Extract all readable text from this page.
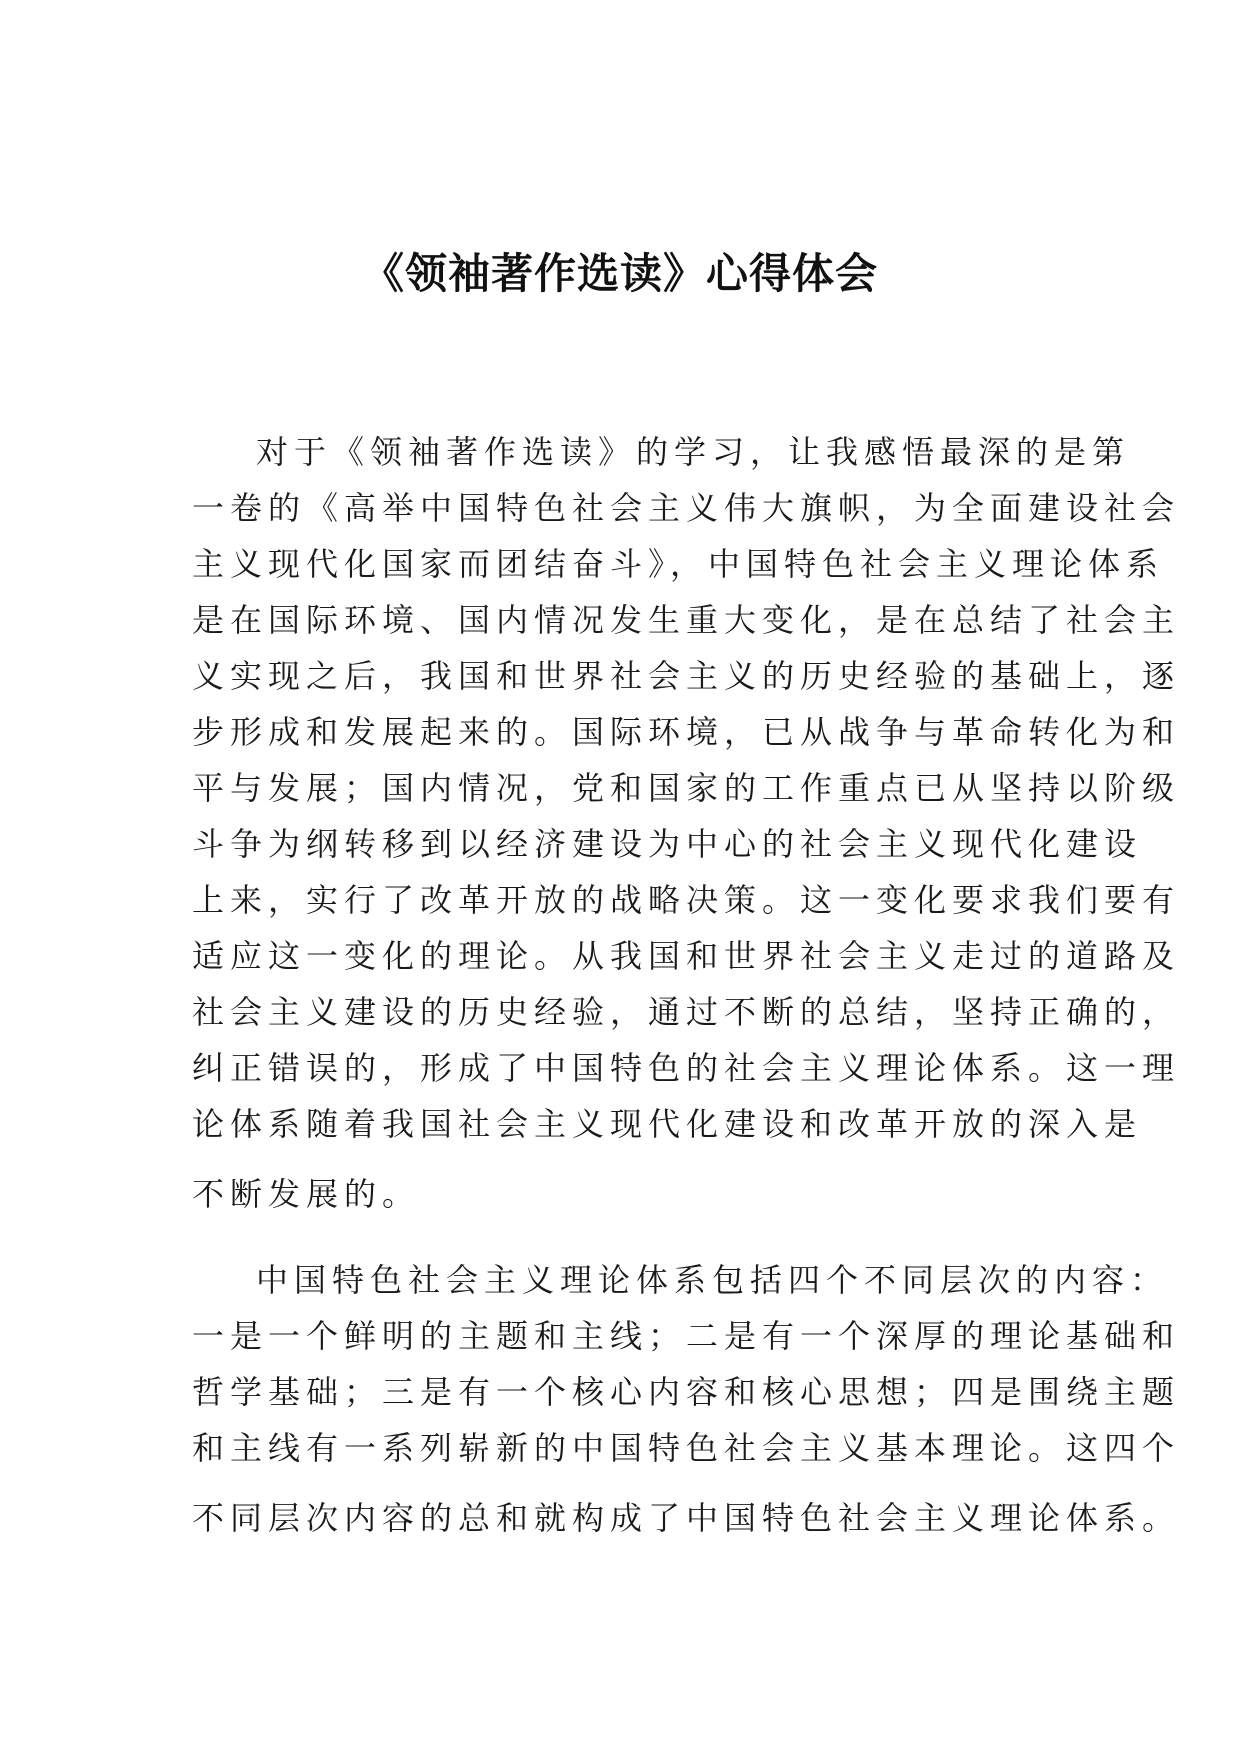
《领袖著作选读》心得体会
对于《领袖著作选读》的学习，让我感悟最深的是第
一卷的《高举中国特色社会主义伟大旗帜，为全面建设社会
主义现代化国家而团结奋斗》，中国特色社会主义理论体系
是在国际环境、国内情况发生重大变化，是在总结了社会主
义实现之后，我国和世界社会主义的历史经验的基础上，逐
步形成和发展起来的。国际环境，已从战争与革命转化为和
平与发展；国内情况，党和国家的工作重点已从坚持以阶级
斗争为纲转移到以经济建设为中心的社会主义现代化建设
上来，实行了改革开放的战略决策。这一变化要求我们要有
适应这一变化的理论。从我国和世界社会主义走过的道路及
社会主义建设的历史经验，通过不断的总结，坚持正确的，
纠正错误的，形成了中国特色的社会主义理论体系。这一理
论体系随着我国社会主义现代化建设和改革开放的深入是
不断发展的。
中国特色社会主义理论体系包括四个不同层次的内容：
一是一个鲜明的主题和主线；二是有一个深厚的理论基础和
哲学基础；三是有一个核心内容和核心思想；四是围绕主题
和主线有一系列崭新的中国特色社会主义基本理论。这四个
不同层次内容的总和就构成了中国特色社会主义理论体系。
